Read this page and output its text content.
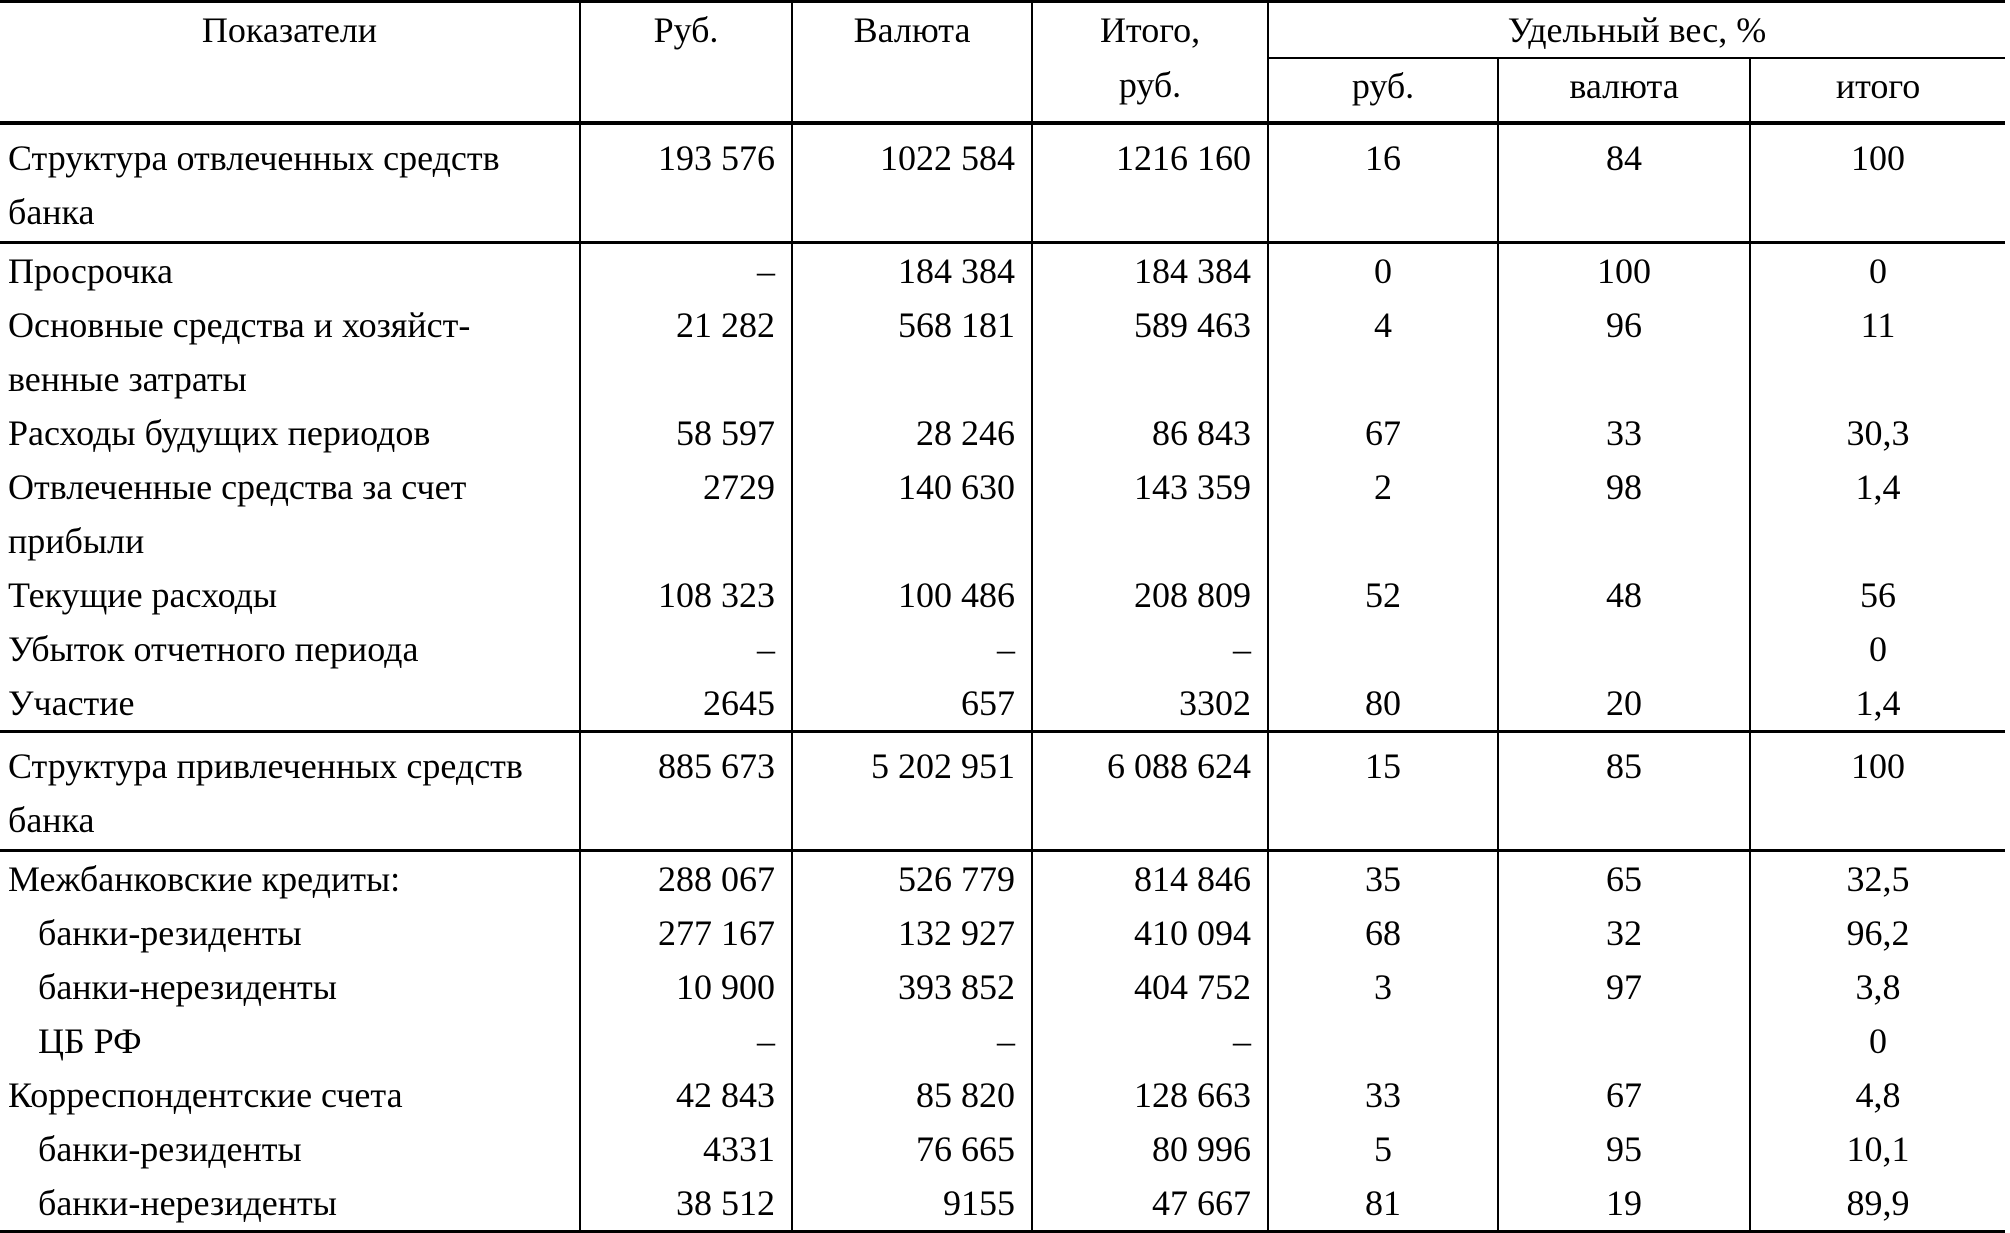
Показатели	Руб.	Валюта	Итого,	Удельный вес, %		
			руб.	руб.	валюта	итого
Структура отвлеченных средств банка	193 576	1022 584	1216 160	16	84	100
Просрочка	–	184 384	184 384	0	100	0
Основные средства и хозяйст-венные затраты	21 282	568 181	589 463	4	96	11
Расходы будущих периодов	58 597	28 246	86 843	67	33	30,3
Отвлеченные средства за счет прибыли	2729	140 630	143 359	2	98	1,4
Текущие расходы	108 323	100 486	208 809	52	48	56
Убыток отчетного периода	–	–	–			0
Участие	2645	657	3302	80	20	1,4
Структура привлеченных средств банка	885 673	5 202 951	6 088 624	15	85	100
Межбанковские кредиты:	288 067	526 779	814 846	35	65	32,5
банки-резиденты	277 167	132 927	410 094	68	32	96,2
банки-нерезиденты	10 900	393 852	404 752	3	97	3,8
ЦБ РФ	–	–	–			0
Корреспондентские счета	42 843	85 820	128 663	33	67	4,8
банки-резиденты	4331	76 665	80 996	5	95	10,1
банки-нерезиденты	38 512	9155	47 667	81	19	89,9
